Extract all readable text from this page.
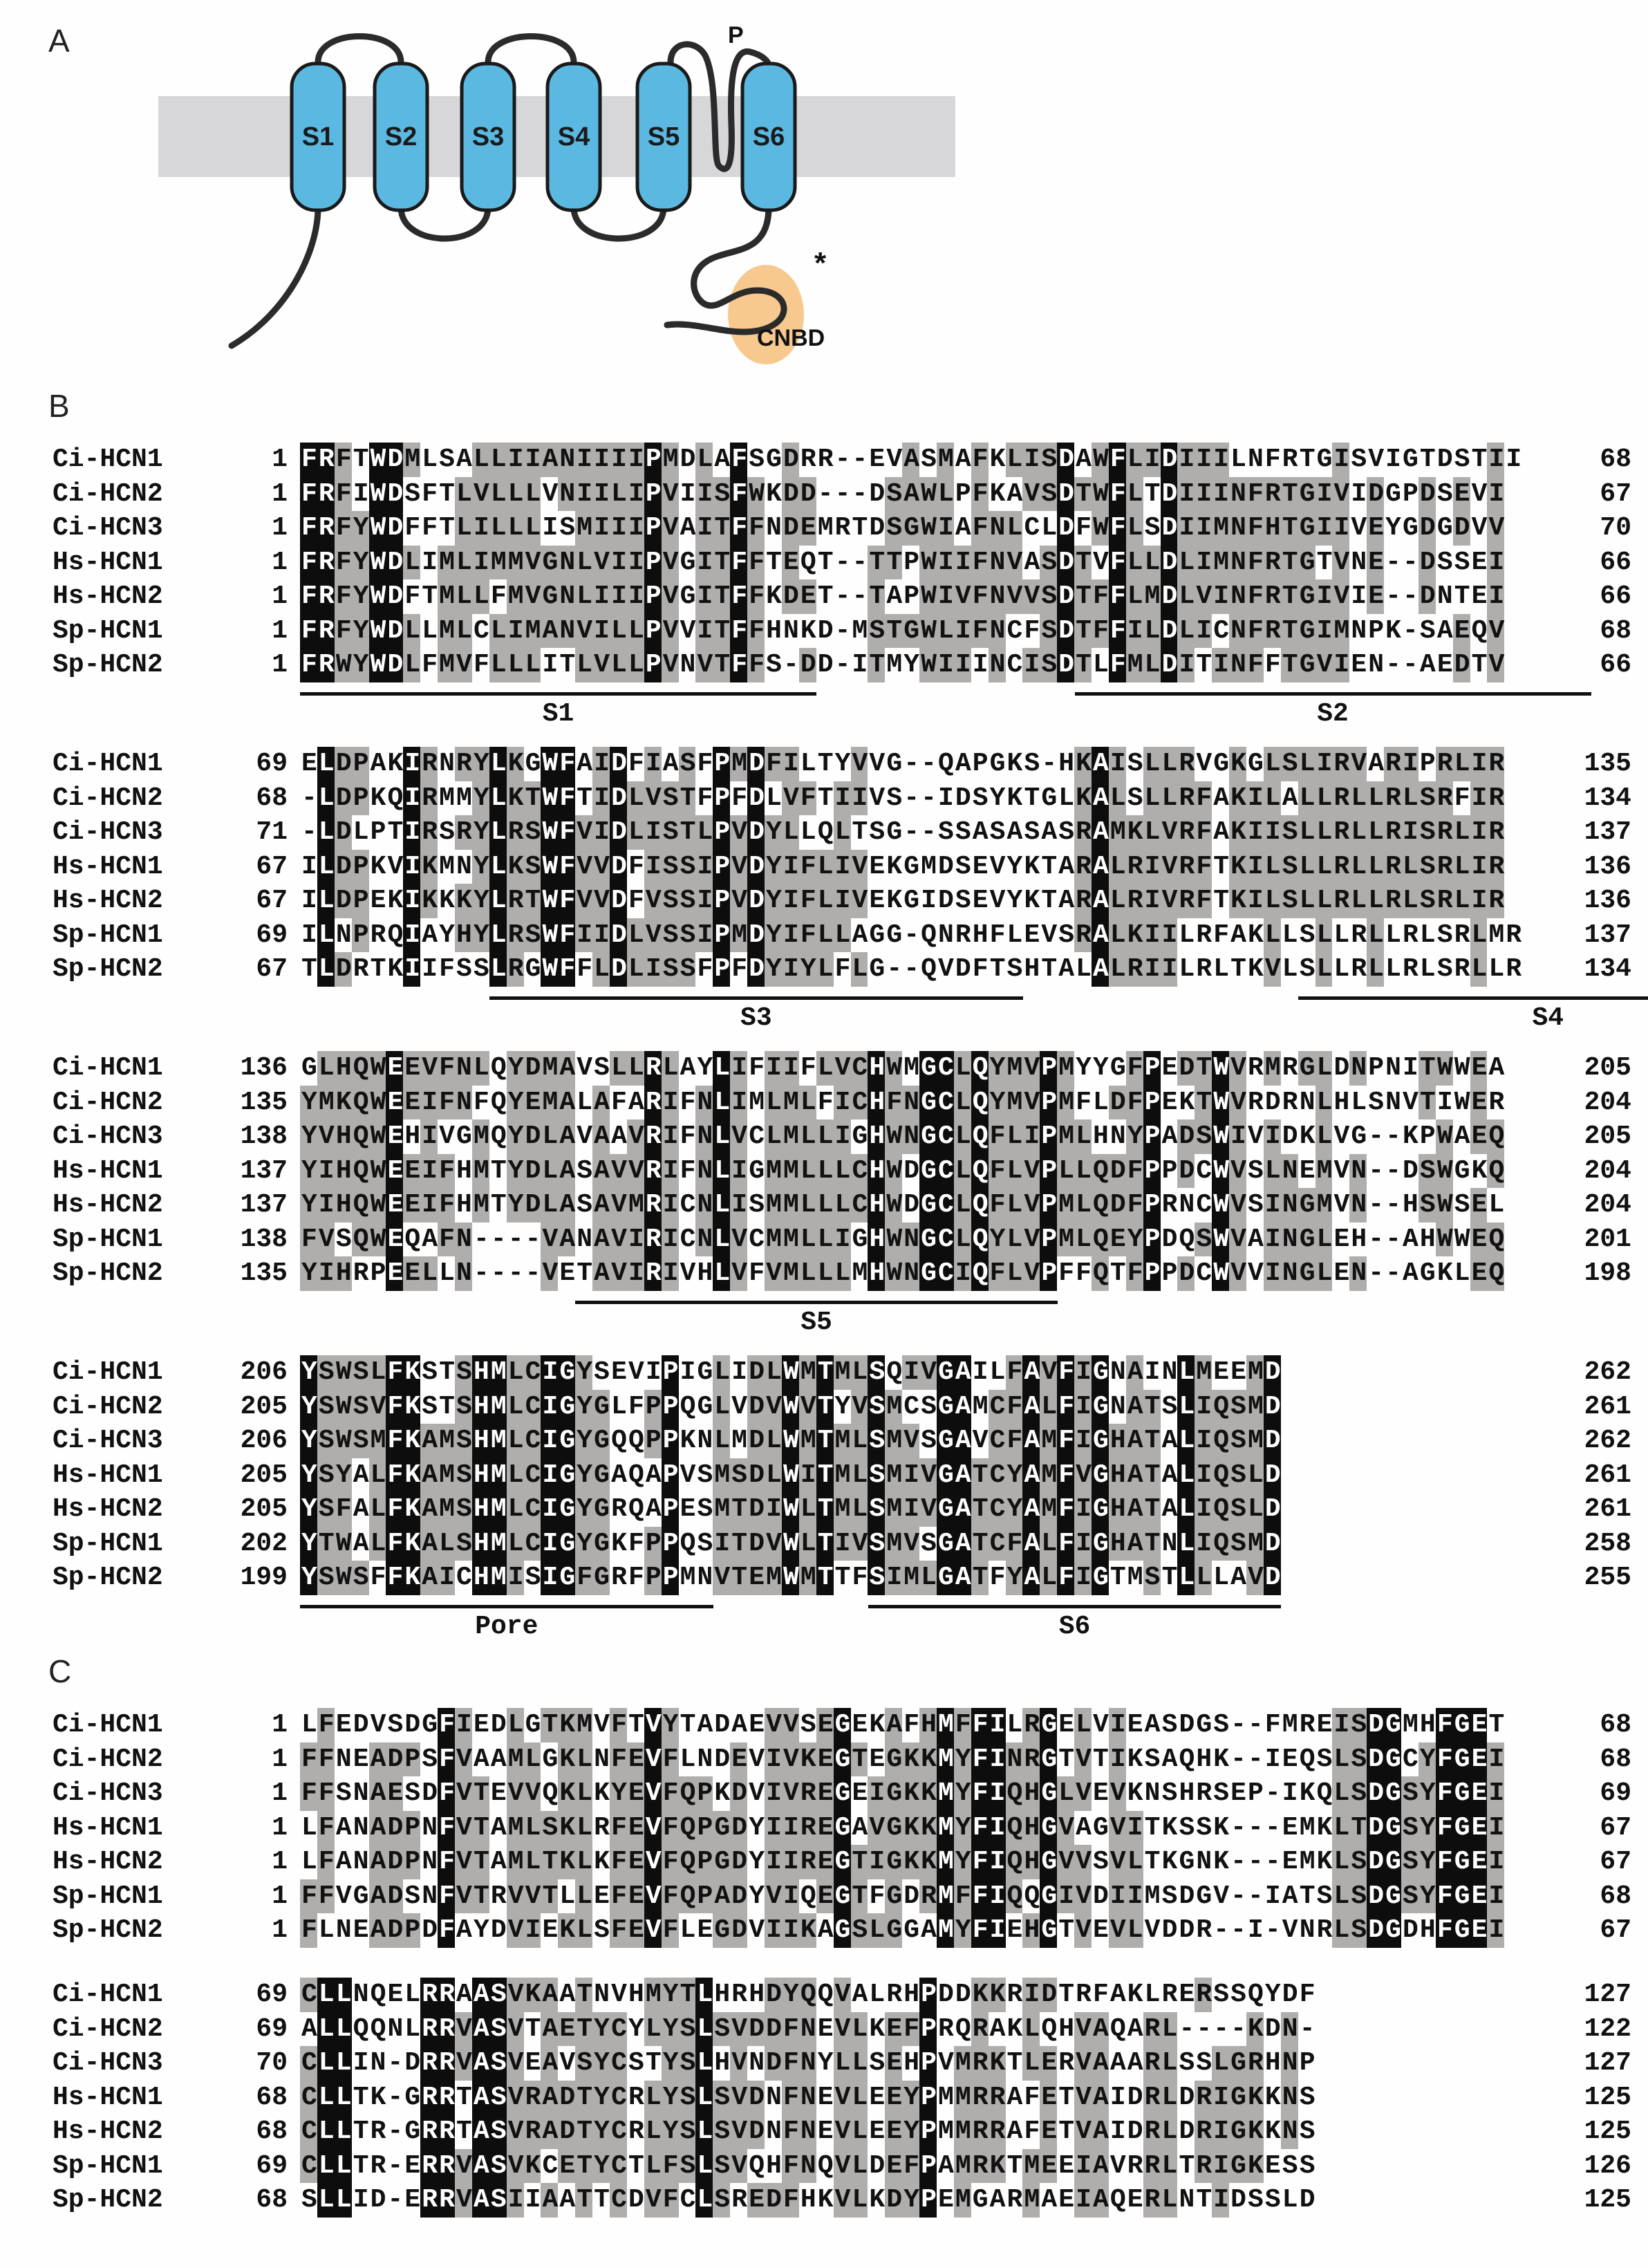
A
S1 S2 S3 S4 S5	S6
P
*
CNBD
B
Ci-HCN1	1 F R F T W D M L S A L L I I A N I I I I P M D L A F S G D R R - - E V A S M A F K L I S D A W F L I D I I I L N F R T G I S V I G T D S T I I	68
Ci-HCN2	1 F R F I W D S F T L V L L L V N I I L I P V I I S F W K D D - - - D S A W L P F K A V S D T W F L T D I I I N F R T G I V I D G P D S E V I	67
Ci-HCN3	1 F R F Y W D F F T L I L L L I S M I I I P V A I T F F N D E M R T D S G W I A F N L C L D F W F L S D I I M N F H T G I I V E Y G D G D V V	70
Hs-HCN1	1 F R F Y W D L I M L I M M V G N L V I I P V G I T F F T E Q T - - T T P W I I F N V A S D T V F L L D L I M N F R T G T V N E - - D S S E I	66
Hs-HCN2	1 F R F Y W D F T M L L F M V G N L I I I P V G I T F F K D E T - - T A P W I V F N V V S D T F F L M D L V I N F R T G I V I E - - D N T E I	66
Sp-HCN1	1 F R F Y W D L L M L C L I M A N V I L L P V V I T F F H N K D - M S T G W L I F N C F S D T F F I L D L I C N F R T G I M N P K - S A E Q V	68
Sp-HCN2	1 F R W Y W D L F M V F L L L I T L V L L P V N V T F F S - D D - I T M Y W I I I N C I S D T L F M L D I T I N F F T G V I E N - - A E D T V	66
S1	S2
Ci-HCN1	69 E L D P A K I R N R Y L K G W F A I D F I A S F P M D F I L T Y V V G - - Q A P G K S - H K A I S L L R V G K G L S L I R V A R I P R L I R	135
Ci-HCN2	68 - L D P K Q I R M M Y L K T W F T I D L V S T F P F D L V F T I I V S - - I D S Y K T G L K A L S L L R F A K I L A L L R L L R L S R F I R	134
Ci-HCN3	71 - L D L P T I R S R Y L R S W F V I D L I S T L P V D Y L L Q L T S G - - S S A S A S A S R A M K L V R F A K I I S L L R L L R I S R L I R	137
Hs-HCN1	67 I L D P K V I K M N Y L K S W F V V D F I S S I P V D Y I F L I V E K G M D S E V Y K T A R A L R I V R F T K I L S L L R L L R L S R L I R	136
Hs-HCN2	67 I L D P E K I K K K Y L R T W F V V D F V S S I P V D Y I F L I V E K G I D S E V Y K T A R A L R I V R F T K I L S L L R L L R L S R L I R	136
Sp-HCN1	69 I L N P R Q I A Y H Y L R S W F I I D L V S S I P M D Y I F L L A G G - Q N R H F L E V S R A L K I I L R F A K L L S L L R L L R L S R L M R	137
Sp-HCN2	67 T L D R T K I I F S S L R G W F F L D L I S S F P F D Y I Y L F L G - - Q V D F T S H T A L A L R I I L R L T K V L S L L R L L R L S R L L R	134
S3	S4
Ci-HCN1	136 G L H Q W E E V F N L Q Y D M A V S L L R L A Y L I F I I F L V C H W M G C L Q Y M V P M Y Y G F P E D T W V R M R G L D N P N I T W W E A	205
Ci-HCN2	135 Y M K Q W E E I F N F Q Y E M A L A F A R I F N L I M L M L F I C H F N G C L Q Y M V P M F L D F P E K T W V R D R N L H L S N V T I W E R	204
Ci-HCN3	138 Y V H Q W E H I V G M Q Y D L A V A A V R I F N L V C L M L L I G H W N G C L Q F L I P M L H N Y P A D S W I V I D K L V G - - K P W A E Q	205
Hs-HCN1	137 Y I H Q W E E I F H M T Y D L A S A V V R I F N L I G M M L L L C H W D G C L Q F L V P L L Q D F P P D C W V S L N E M V N - - D S W G K Q	204
Hs-HCN2	137 Y I H Q W E E I F H M T Y D L A S A V M R I C N L I S M M L L L C H W D G C L Q F L V P M L Q D F P R N C W V S I N G M V N - - H S W S E L	204
Sp-HCN1	138 F V S Q W E Q A F N - - - - V A N A V I R I C N L V C M M L L I G H W N G C L Q Y L V P M L Q E Y P D Q S W V A I N G L E H - - A H W W E Q	201
Sp-HCN2	135 Y I H R P E E L L N - - - - V E T A V I R I V H L V F V M L L L M H W N G C I Q F L V P F F Q T F P P D C W V V I N G L E N - - A G K L E Q	198
S5
Ci-HCN1	206 Y S W S L F K S T S H M L C I G Y S E V I P I G L I D L W M T M L S Q I V G A I L F A V F I G N A I N L M E E M D	262
Ci-HCN2	205 Y S W S V F K S T S H M L C I G Y G L F P P Q G L V D V W V T Y V S M C S G A M C F A L F I G N A T S L I Q S M D	261
Ci-HCN3	206 Y S W S M F K A M S H M L C I G Y G Q Q P P K N L M D L W M T M L S M V S G A V C F A M F I G H A T A L I Q S M D	262
Hs-HCN1	205 Y S Y A L F K A M S H M L C I G Y G A Q A P V S M S D L W I T M L S M I V G A T C Y A M F V G H A T A L I Q S L D	261
Hs-HCN2	205 Y S F A L F K A M S H M L C I G Y G R Q A P E S M T D I W L T M L S M I V G A T C Y A M F I G H A T A L I Q S L D	261
Sp-HCN1	202 Y T W A L F K A L S H M L C I G Y G K F P P Q S I T D V W L T I V S M V S G A T C F A L F I G H A T N L I Q S M D	258
Sp-HCN2	199 Y S W S F F K A I C H M I S I G F G R F P P M N V T E M W M T T F S I M L G A T F Y A L F I G T M S T L L L A V D	255
Pore	S6
C
Ci-HCN1	1 L F E D V S D G F I E D L G T K M V F T V Y T A D A E V V S E G E K A F H M F F I L R G E L V I E A S D G S - - F M R E I S D G M H F G E T	68
Ci-HCN2	1 F F N E A D P S F V A A M L G K L N F E V F L N D E V I V K E G T E G K K M Y F I N R G T V T I K S A Q H K - - I E Q S L S D G C Y F G E I	68
Ci-HCN3	1 F F S N A E S D F V T E V V Q K L K Y E V F Q P K D V I V R E G E I G K K M Y F I Q H G L V E V K N S H R S E P - I K Q L S D G S Y F G E I	69
Hs-HCN1	1 L F A N A D P N F V T A M L S K L R F E V F Q P G D Y I I R E G A V G K K M Y F I Q H G V A G V I T K S S K - - - E M K L T D G S Y F G E I	67
Hs-HCN2	1 L F A N A D P N F V T A M L T K L K F E V F Q P G D Y I I R E G T I G K K M Y F I Q H G V V S V L T K G N K - - - E M K L S D G S Y F G E I	67
Sp-HCN1	1 F F V G A D S N F V T R V V T L L E F E V F Q P A D Y V I Q E G T F G D R M F F I Q Q G I V D I I M S D G V - - I A T S L S D G S Y F G E I	68
Sp-HCN2	1 F L N E A D P D F A Y D V I E K L S F E V F L E G D V I I K A G S L G G A M Y F I E H G T V E V L V D D R - - I - V N R L S D G D H F G E I	67
Ci-HCN1	69 C L L N Q E L R R A A S V K A A T N V H M Y T L H R H D Y Q Q V A L R H P D D K K R I D T R F A K L R E R S S Q Y D F	127
Ci-HCN2	69 A L L Q Q N L R R V A S V T A E T Y C Y L Y S L S V D D F N E V L K E F P R Q R A K L Q H V A Q A R L - - - - K D N -	122
Ci-HCN3	70 C L L I N - D R R V A S V E A V S Y C S T Y S L H V N D F N Y L L S E H P V M R K T L E R V A A A R L S S L G R H N P	127
Hs-HCN1	68 C L L T K - G R R T A S V R A D T Y C R L Y S L S V D N F N E V L E E Y P M M R R A F E T V A I D R L D R I G K K N S	125
Hs-HCN2	68 C L L T R - G R R T A S V R A D T Y C R L Y S L S V D N F N E V L E E Y P M M R R A F E T V A I D R L D R I G K K N S	125
Sp-HCN1	69 C L L T R - E R R V A S V K C E T Y C T L F S L S V Q H F N Q V L D E F P A M R K T M E E I A V R R L T R I G K E S S	126
Sp-HCN2	68 S L L I D - E R R V A S I I A A T T C D V F C L S R E D F H K V L K D Y P E M G A R M A E I A Q E R L N T I D S S L D	125
